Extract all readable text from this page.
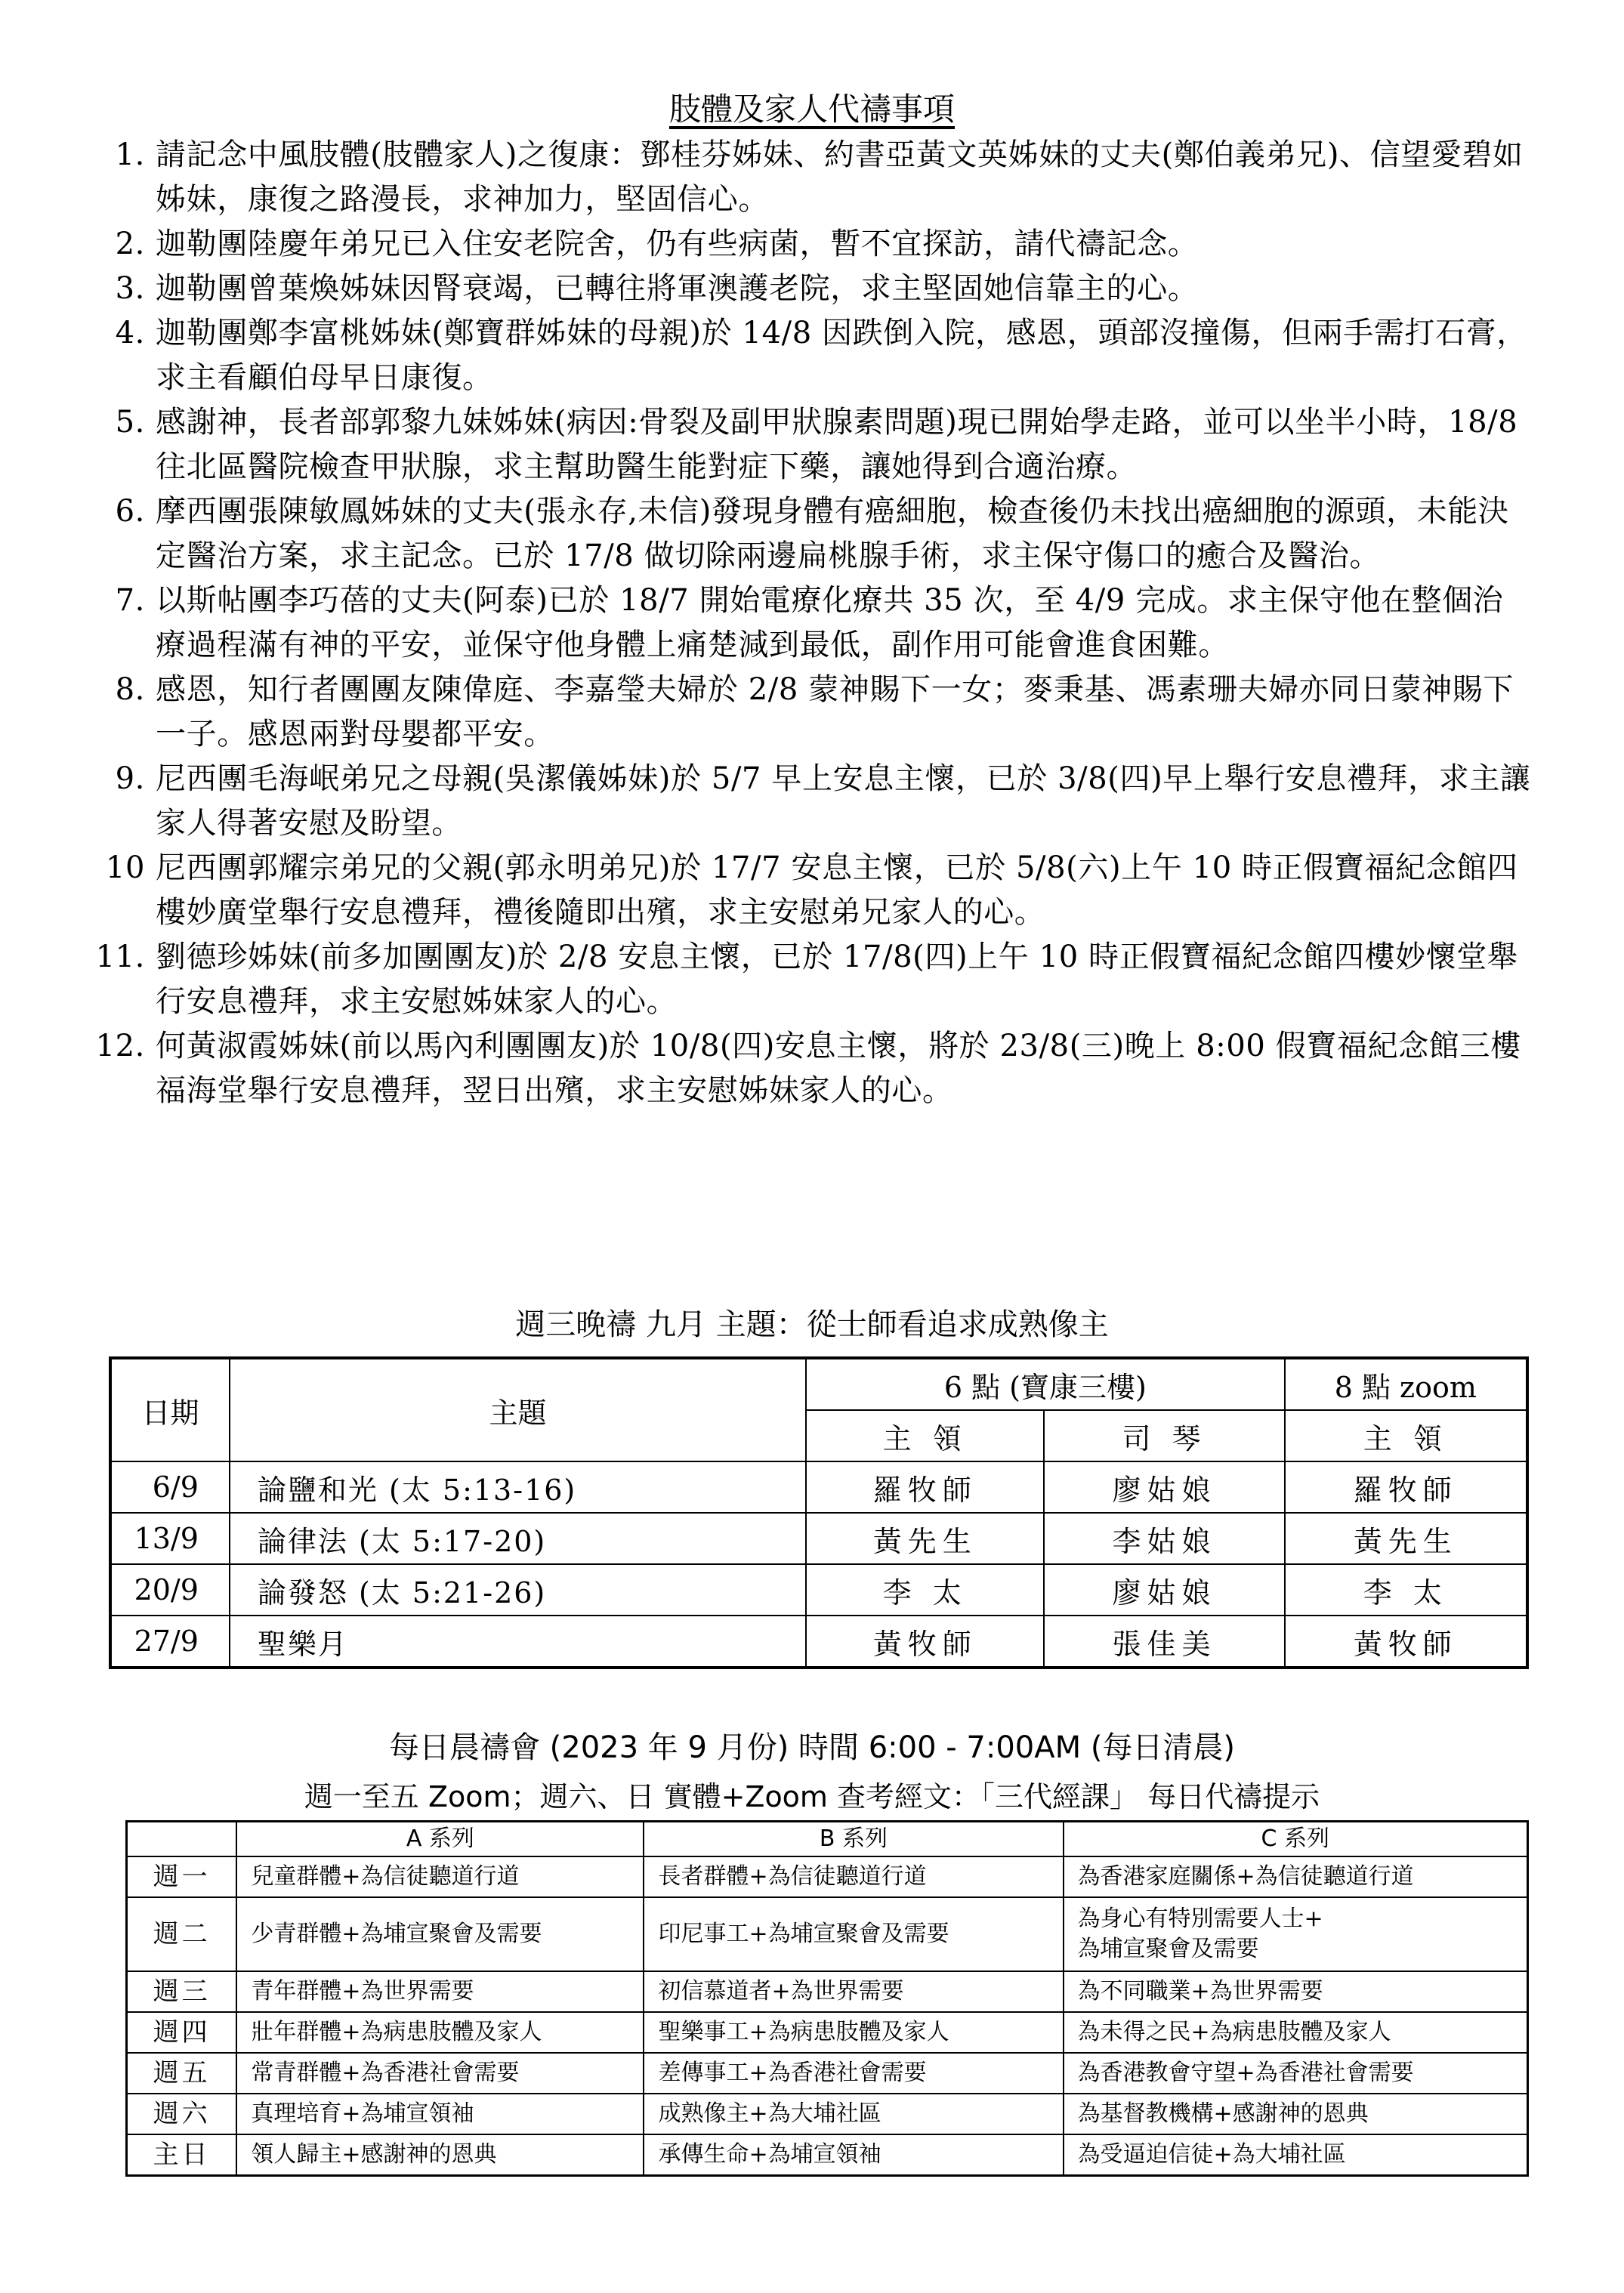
肢體及家人代禱事項
1. 請記念中風肢體(肢體家人)之復康：鄧桂芬姊妹、約書亞黃文英姊妹的丈夫(鄭伯義弟兄)、信望愛碧如姊妹，康復之路漫長，求神加力，堅固信心。
2. 迦勒團陸慶年弟兄已入住安老院舍，仍有些病菌，暫不宜探訪，請代禱記念。
3. 迦勒團曾葉煥姊妹因腎衰竭，已轉往將軍澳護老院，求主堅固她信靠主的心。
4. 迦勒團鄭李富桃姊妹(鄭寶群姊妹的母親)於 14/8 因跌倒入院，感恩，頭部沒撞傷，但兩手需打石膏，求主看顧伯母早日康復。
5. 感謝神，長者部郭黎九妹姊妹(病因:骨裂及副甲狀腺素問題)現已開始學走路，並可以坐半小時，18/8 往北區醫院檢查甲狀腺，求主幫助醫生能對症下藥，讓她得到合適治療。
6. 摩西團張陳敏鳳姊妹的丈夫(張永存,未信)發現身體有癌細胞，檢查後仍未找出癌細胞的源頭，未能決定醫治方案，求主記念。已於 17/8 做切除兩邊扁桃腺手術，求主保守傷口的癒合及醫治。
7. 以斯帖團李巧蓓的丈夫(阿泰)已於 18/7 開始電療化療共 35 次，至 4/9 完成。求主保守他在整個治療過程滿有神的平安，並保守他身體上痛楚減到最低，副作用可能會進食困難。
8. 感恩，知行者團團友陳偉庭、李嘉瑩夫婦於 2/8 蒙神賜下一女；麥秉基、馮素珊夫婦亦同日蒙神賜下一子。感恩兩對母嬰都平安。
9. 尼西團毛海岷弟兄之母親(吳潔儀姊妹)於 5/7 早上安息主懷，已於 3/8(四)早上舉行安息禮拜，求主讓家人得著安慰及盼望。
10 尼西團郭耀宗弟兄的父親(郭永明弟兄)於 17/7 安息主懷，已於 5/8(六)上午 10 時正假寶福紀念館四樓妙廣堂舉行安息禮拜，禮後隨即出殯，求主安慰弟兄家人的心。
11. 劉德珍姊妹(前多加團團友)於 2/8 安息主懷，已於 17/8(四)上午 10 時正假寶福紀念館四樓妙懷堂舉行安息禮拜，求主安慰姊妹家人的心。
12. 何黃淑霞姊妹(前以馬內利團團友)於 10/8(四)安息主懷，將於 23/8(三)晚上 8:00 假寶福紀念館三樓福海堂舉行安息禮拜，翌日出殯，求主安慰姊妹家人的心。
週三晚禱 九月 主題：從士師看追求成熟像主
日期	主題	6 點 (寶康三樓)		8 點 zoom
		主 領	司 琴	主 領
6/9	論鹽和光 (太 5:13-16)	羅牧師	廖姑娘	羅牧師
13/9	論律法 (太 5:17-20)	黃先生	李姑娘	黃先生
20/9	論發怒 (太 5:21-26)	李 太	廖姑娘	李 太
27/9	聖樂月	黃牧師	張佳美	黃牧師
每日晨禱會 (2023 年 9 月份) 時間 6:00 - 7:00AM (每日清晨)
週一至五 Zoom；週六、日 實體+Zoom 查考經文：「三代經課」 每日代禱提示
	A 系列	B 系列	C 系列
週一	兒童群體+為信徒聽道行道	長者群體+為信徒聽道行道	為香港家庭關係+為信徒聽道行道
週二	少青群體+為埔宣聚會及需要	印尼事工+為埔宣聚會及需要	為身心有特別需要人士+
為埔宣聚會及需要
週三	青年群體+為世界需要	初信慕道者+為世界需要	為不同職業+為世界需要
週四	壯年群體+為病患肢體及家人	聖樂事工+為病患肢體及家人	為未得之民+為病患肢體及家人
週五	常青群體+為香港社會需要	差傳事工+為香港社會需要	為香港教會守望+為香港社會需要
週六	真理培育+為埔宣領袖	成熟像主+為大埔社區	為基督教機構+感謝神的恩典
主日	領人歸主+感謝神的恩典	承傳生命+為埔宣領袖	為受逼迫信徒+為大埔社區
